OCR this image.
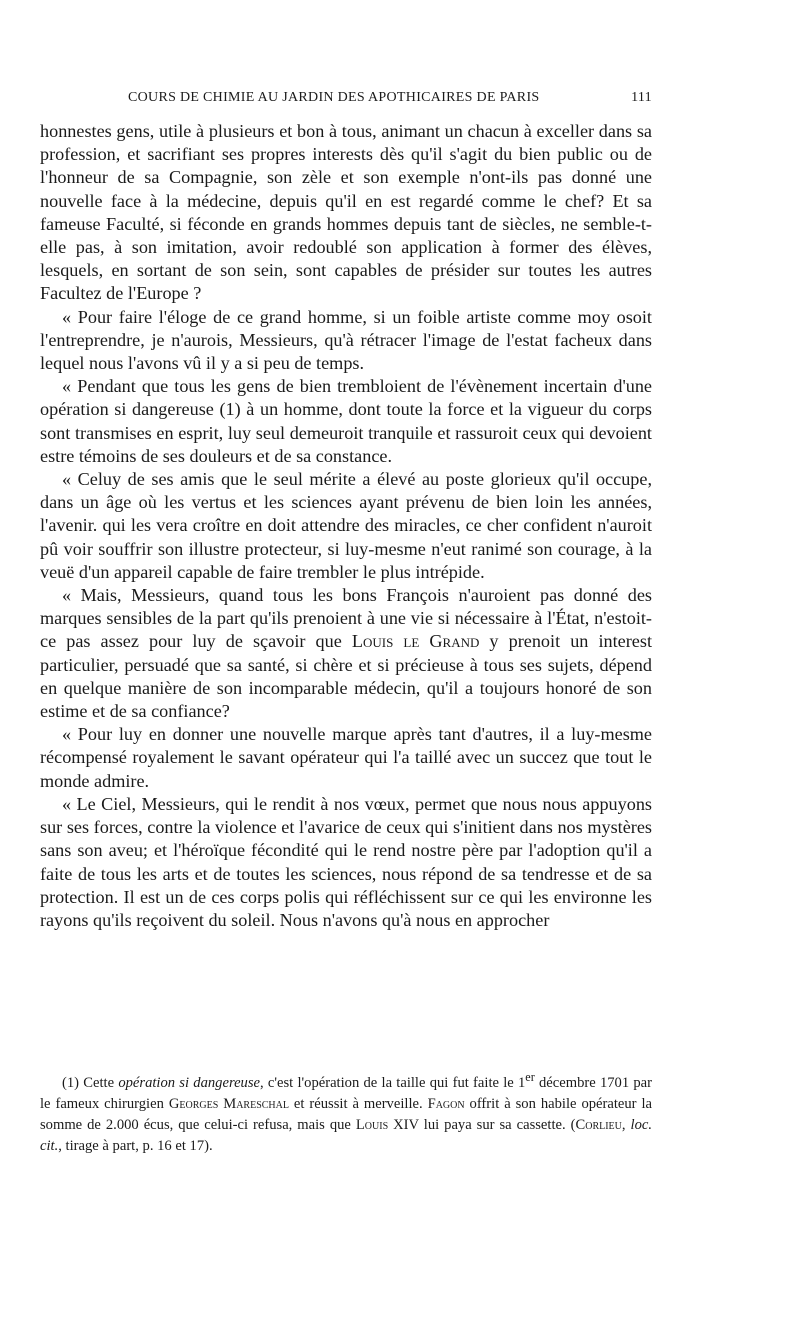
COURS DE CHIMIE AU JARDIN DES APOTHICAIRES DE PARIS	111

honnestes gens, utile à plusieurs et bon à tous, animant un chacun à exceller dans sa profession, et sacrifiant ses propres interests dès qu'il s'agit du bien public ou de l'honneur de sa Compagnie, son zèle et son exemple n'ont-ils pas donné une nouvelle face à la médecine, depuis qu'il en est regardé comme le chef? Et sa fameuse Faculté, si féconde en grands hommes depuis tant de siècles, ne semble-t-elle pas, à son imitation, avoir redoublé son application à former des élèves, lesquels, en sortant de son sein, sont capables de présider sur toutes les autres Facultez de l'Europe ?

« Pour faire l'éloge de ce grand homme, si un foible artiste comme moy osoit l'entreprendre, je n'aurois, Messieurs, qu'à rétracer l'image de l'estat facheux dans lequel nous l'avons vû il y a si peu de temps.

« Pendant que tous les gens de bien trembloient de l'évènement incertain d'une opération si dangereuse (1) à un homme, dont toute la force et la vigueur du corps sont transmises en esprit, luy seul demeuroit tranquile et rassuroit ceux qui devoient estre témoins de ses douleurs et de sa constance.

« Celuy de ses amis que le seul mérite a élevé au poste glorieux qu'il occupe, dans un âge où les vertus et les sciences ayant prévenu de bien loin les années, l'avenir. qui les vera croître en doit attendre des miracles, ce cher confident n'auroit pû voir souffrir son illustre protecteur, si luy-mesme n'eut ranimé son courage, à la veuë d'un appareil capable de faire trembler le plus intrépide.

« Mais, Messieurs, quand tous les bons François n'auroient pas donné des marques sensibles de la part qu'ils prenoient à une vie si nécessaire à l'État, n'estoit-ce pas assez pour luy de sçavoir que Louis le Grand y prenoit un interest particulier, persuadé que sa santé, si chère et si précieuse à tous ses sujets, dépend en quelque manière de son incomparable médecin, qu'il a toujours honoré de son estime et de sa confiance?

« Pour luy en donner une nouvelle marque après tant d'autres, il a luy-mesme récompensé royalement le savant opérateur qui l'a taillé avec un succez que tout le monde admire.

« Le Ciel, Messieurs, qui le rendit à nos vœux, permet que nous nous appuyons sur ses forces, contre la violence et l'avarice de ceux qui s'initient dans nos mystères sans son aveu; et l'héroïque fécondité qui le rend nostre père par l'adoption qu'il a faite de tous les arts et de toutes les sciences, nous répond de sa tendresse et de sa protection. Il est un de ces corps polis qui réfléchissent sur ce qui les environne les rayons qu'ils reçoivent du soleil. Nous n'avons qu'à nous en approcher

(1) Cette opération si dangereuse, c'est l'opération de la taille qui fut faite le 1er décembre 1701 par le fameux chirurgien Georges Mareschal et réussit à merveille. Fagon offrit à son habile opérateur la somme de 2.000 écus, que celui-ci refusa, mais que Louis XIV lui paya sur sa cassette. (Corlieu, loc. cit., tirage à part, p. 16 et 17).
